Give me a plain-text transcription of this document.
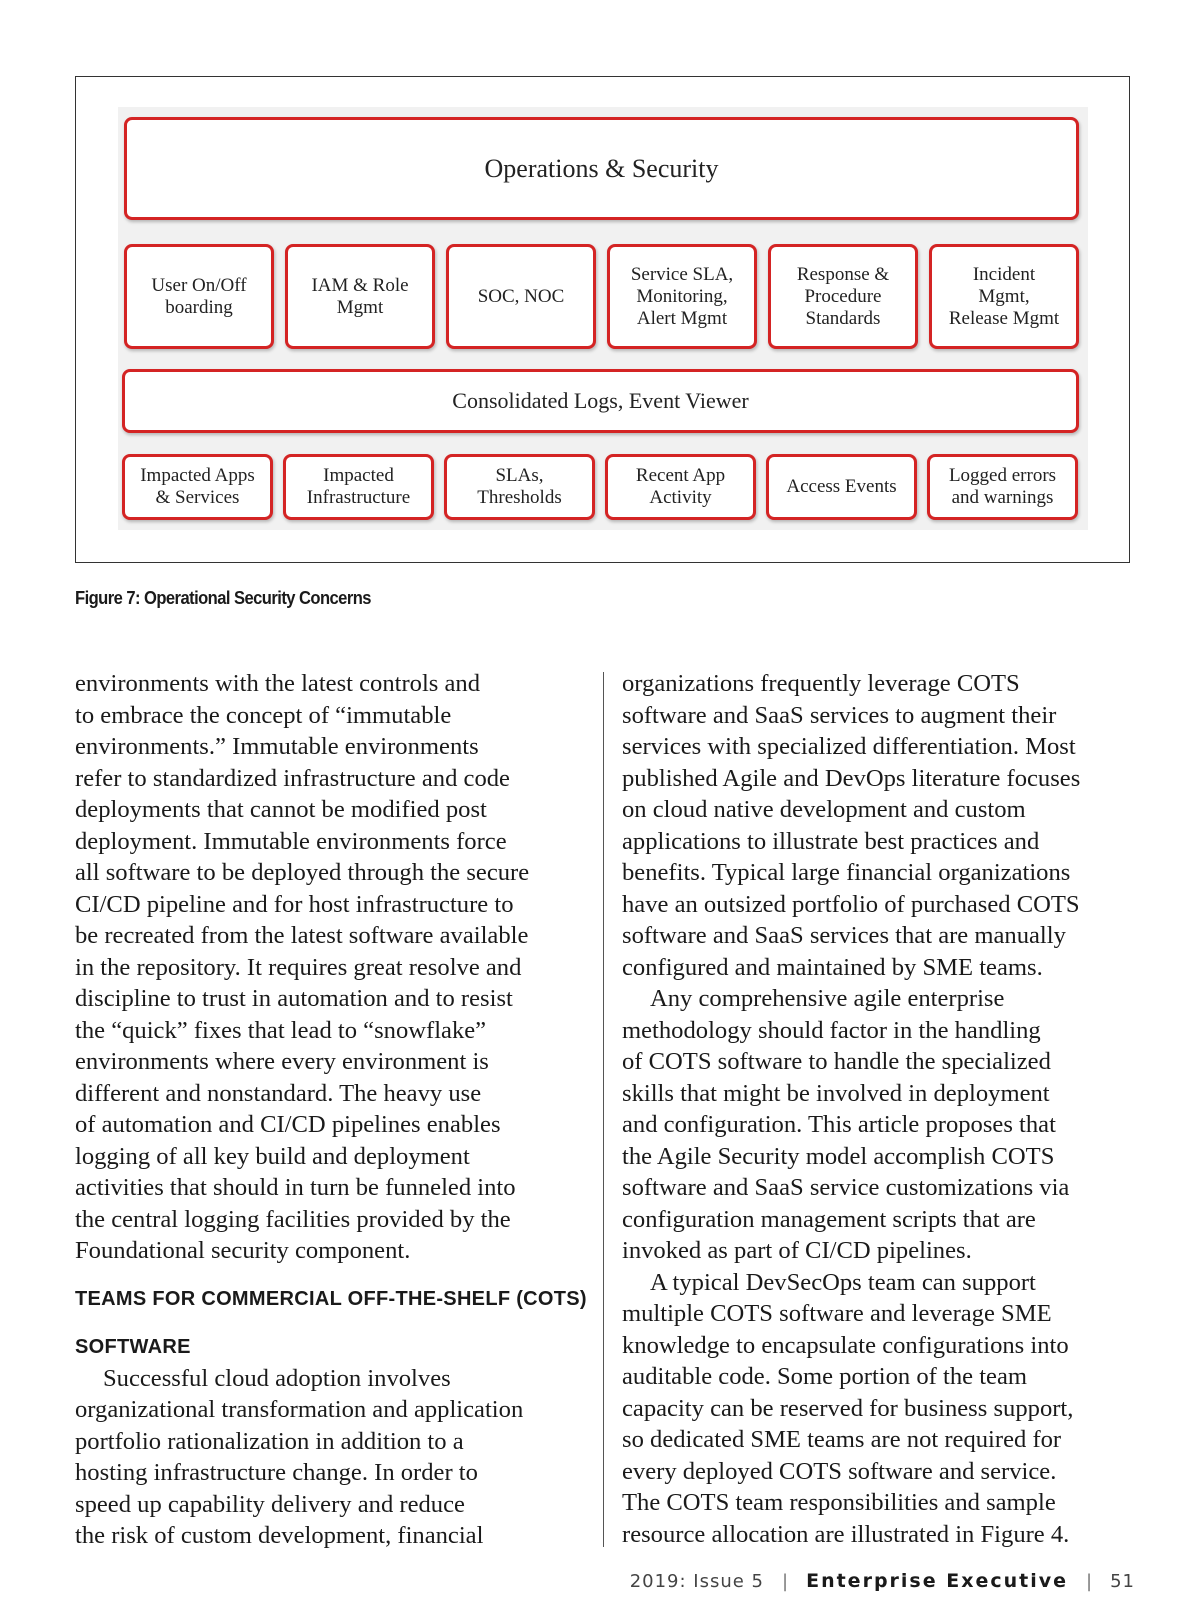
Operations & Security
User On/Off
boarding
IAM & Role
Mgmt
SOC, NOC
Service SLA,
Monitoring,
Alert Mgmt
Response &
Procedure
Standards
Incident
Mgmt,
Release Mgmt
Consolidated Logs, Event Viewer
Impacted Apps
& Services
Impacted
Infrastructure
SLAs,
Thresholds
Recent App
Activity
Access Events
Logged errors
and warnings
Figure 7: Operational Security Concerns

environments with the latest controls and

to embrace the concept of “immutable

environments.” Immutable environments

refer to standardized infrastructure and code

deployments that cannot be modified post

deployment. Immutable environments force

all software to be deployed through the secure

CI/CD pipeline and for host infrastructure to

be recreated from the latest software available

in the repository. It requires great resolve and

discipline to trust in automation and to resist

the “quick” fixes that lead to “snowflake”

environments where every environment is

different and nonstandard. The heavy use

of automation and CI/CD pipelines enables

logging of all key build and deployment

activities that should in turn be funneled into

the central logging facilities provided by the

Foundational security component.

TEAMS FOR COMMERCIAL OFF-THE-SHELF (COTS)

SOFTWARE

Successful cloud adoption involves

organizational transformation and application

portfolio rationalization in addition to a

hosting infrastructure change. In order to

speed up capability delivery and reduce

the risk of custom development, financial

organizations frequently leverage COTS

software and SaaS services to augment their

services with specialized differentiation. Most

published Agile and DevOps literature focuses

on cloud native development and custom

applications to illustrate best practices and

benefits. Typical large financial organizations

have an outsized portfolio of purchased COTS

software and SaaS services that are manually

configured and maintained by SME teams.

Any comprehensive agile enterprise

methodology should factor in the handling

of COTS software to handle the specialized

skills that might be involved in deployment

and configuration. This article proposes that

the Agile Security model accomplish COTS

software and SaaS service customizations via

configuration management scripts that are

invoked as part of CI/CD pipelines.

A typical DevSecOps team can support

multiple COTS software and leverage SME

knowledge to encapsulate configurations into

auditable code. Some portion of the team

capacity can be reserved for business support,

so dedicated SME teams are not required for

every deployed COTS software and service.

The COTS team responsibilities and sample

resource allocation are illustrated in Figure 4.

2019: Issue 5 | Enterprise Executive | 51
